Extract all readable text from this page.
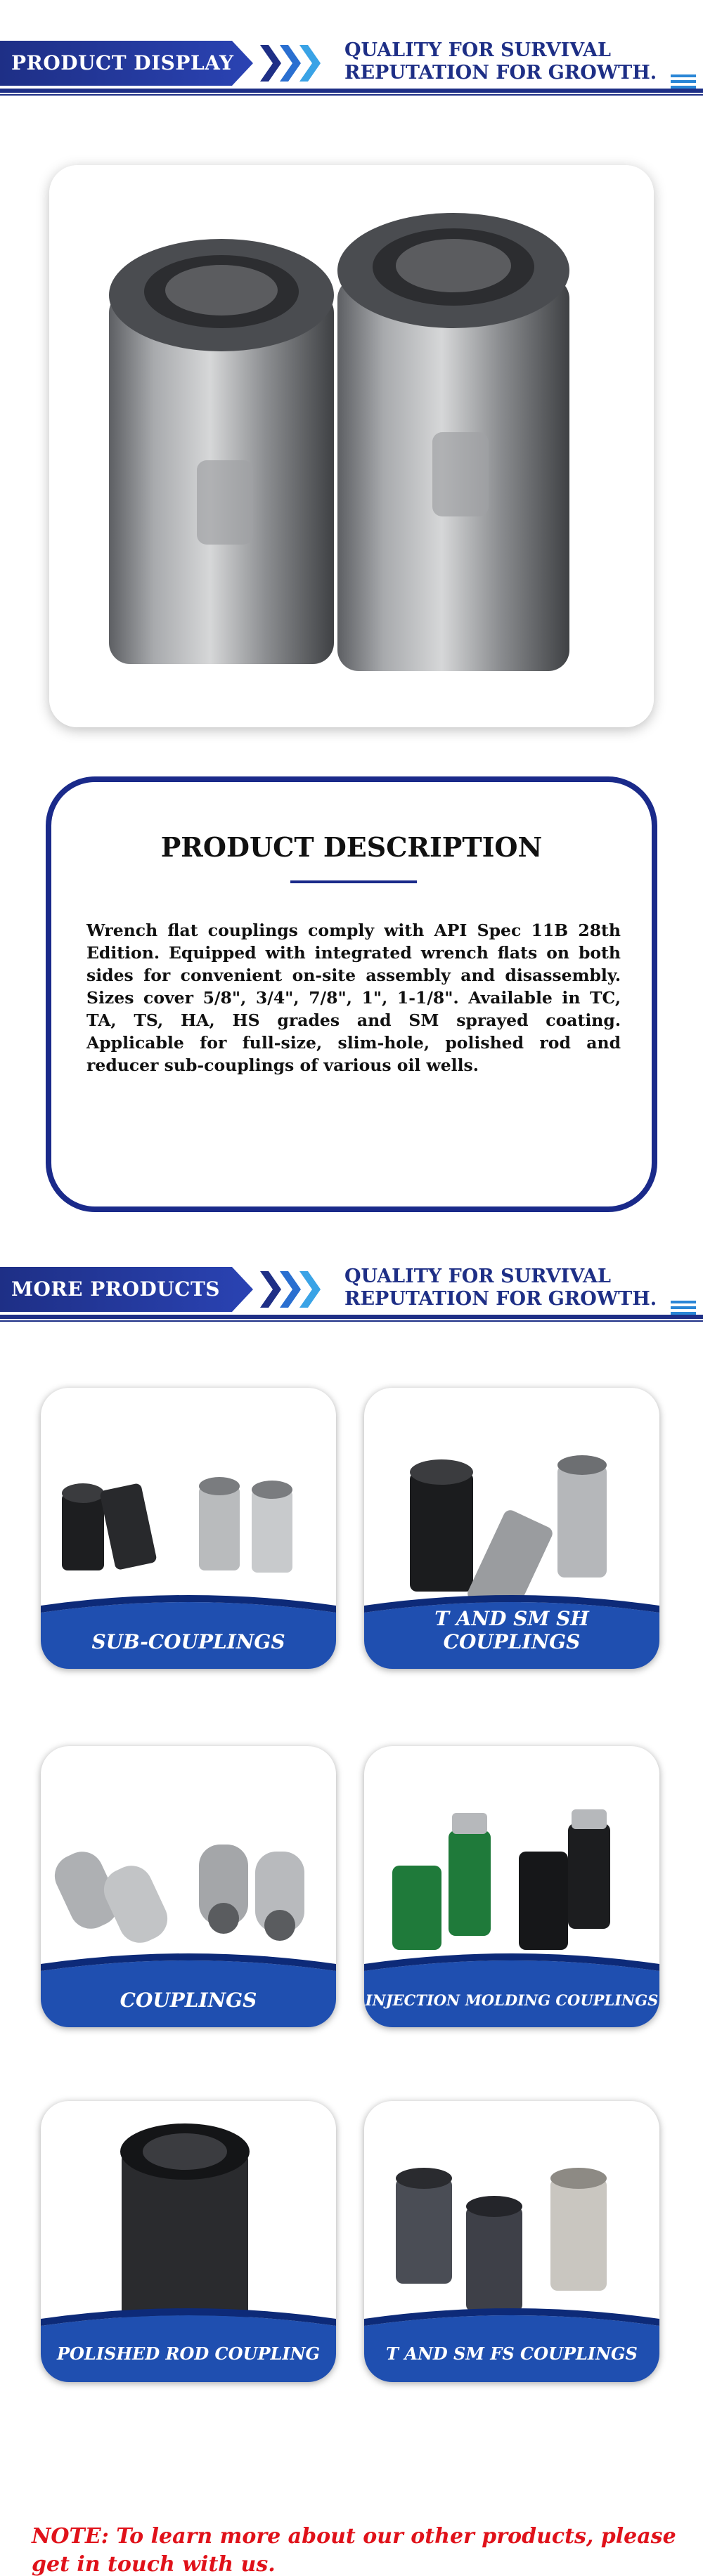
PRODUCT DISPLAY
QUALITY FOR SURVIVAL
REPUTATION FOR GROWTH.
PRODUCT DESCRIPTION
Wrench flat couplings comply with API Spec 11B 28th Edition. Equipped with integrated wrench flats on both sides for convenient on-site assembly and disassembly. Sizes cover 5/8", 3/4", 7/8", 1", 1-1/8". Available in TC, TA, TS, HA, HS grades and SM sprayed coating. Applicable for full-size, slim-hole, polished rod and reducer sub-couplings of various oil wells.
MORE PRODUCTS
QUALITY FOR SURVIVAL
REPUTATION FOR GROWTH.
SUB-COUPLINGS
T AND SM SH COUPLINGS
COUPLINGS	INJECTION MOLDING COUPLINGS
POLISHED ROD COUPLING	T AND SM FS COUPLINGS
NOTE: To learn more about our other products, please get in touch with us.
